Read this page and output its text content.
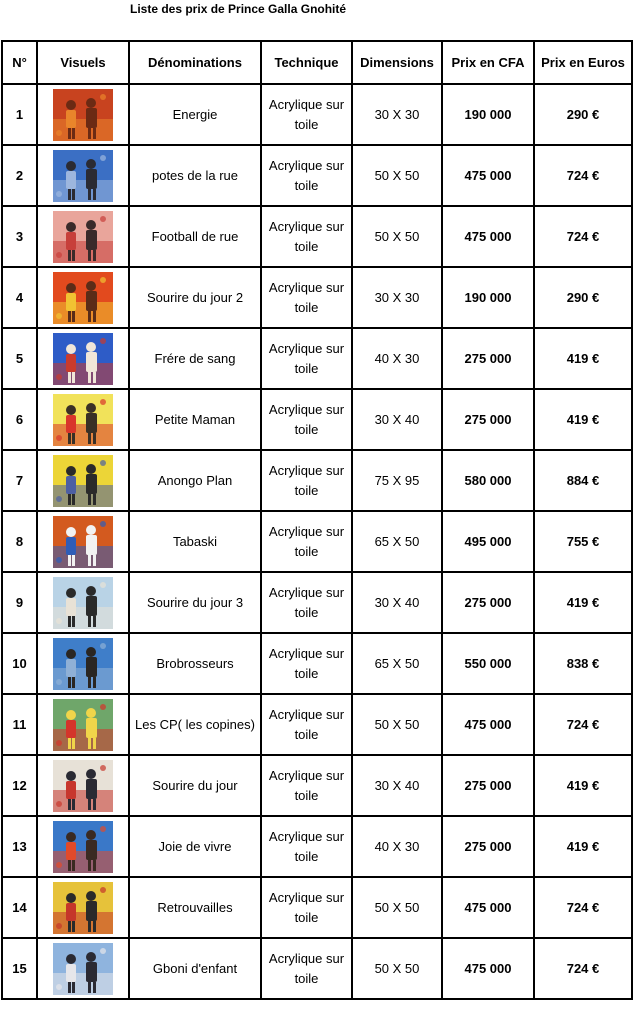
Liste des prix de Prince Galla Gnohité
N°	Visuels	Dénominations	Technique	Dimensions	Prix en CFA	Prix en Euros
1		Energie	Acrylique sur toile	30 X 30	190 000	290 €
2		potes de la rue	Acrylique sur toile	50 X 50	475 000	724 €
3		Football de rue	Acrylique sur toile	50 X 50	475 000	724 €
4		Sourire du jour 2	Acrylique sur toile	30 X 30	190 000	290 €
5		Frére de sang	Acrylique sur toile	40 X 30	275 000	419 €
6		Petite Maman	Acrylique sur toile	30 X 40	275 000	419 €
7		Anongo Plan	Acrylique sur toile	75 X 95	580 000	884 €
8		Tabaski	Acrylique sur toile	65 X 50	495 000	755 €
9		Sourire du jour 3	Acrylique sur toile	30 X 40	275 000	419 €
10		Brobrosseurs	Acrylique sur toile	65 X 50	550 000	838 €
11		Les CP( les copines)	Acrylique sur toile	50 X 50	475 000	724 €
12		Sourire du jour	Acrylique sur toile	30 X 40	275 000	419 €
13		Joie de vivre	Acrylique sur toile	40 X 30	275 000	419 €
14		Retrouvailles	Acrylique sur toile	50 X 50	475 000	724 €
15		Gboni d'enfant	Acrylique sur toile	50 X 50	475 000	724 €
